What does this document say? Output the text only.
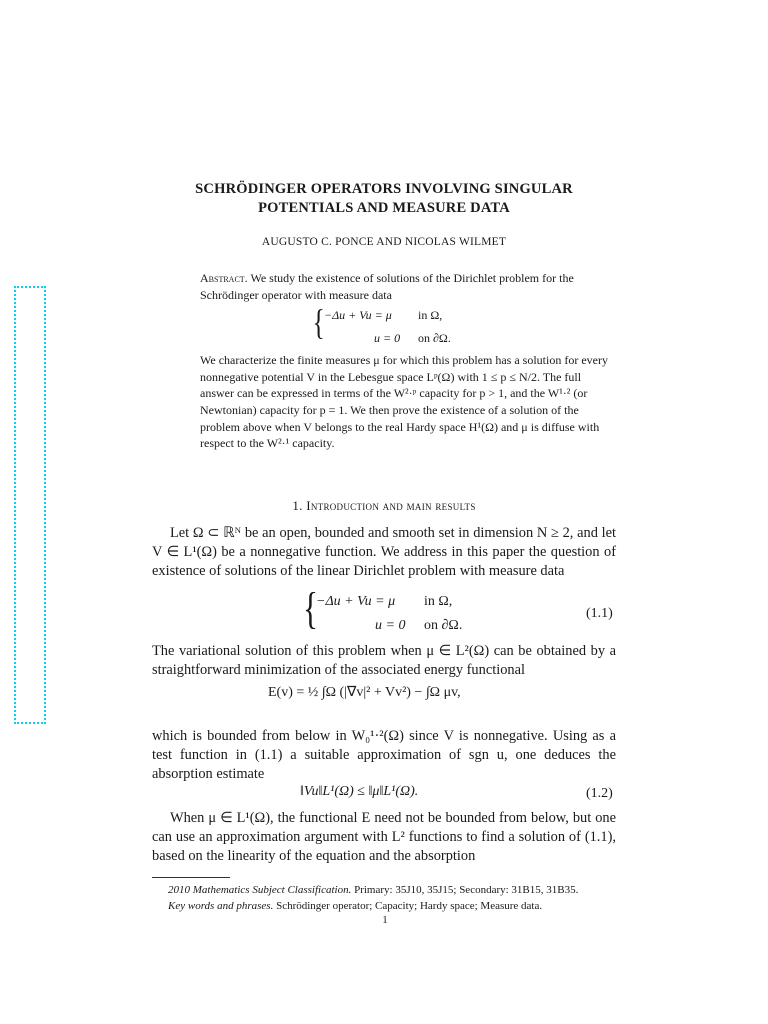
SCHRÖDINGER OPERATORS INVOLVING SINGULAR
POTENTIALS AND MEASURE DATA
AUGUSTO C. PONCE AND NICOLAS WILMET
Abstract. We study the existence of solutions of the Dirichlet problem for the Schrödinger operator with measure data
{ −Δu + Vu = μ in Ω,
u = 0 on ∂Ω.
We characterize the finite measures μ for which this problem has a solution for every nonnegative potential V in the Lebesgue space Lᵖ(Ω) with 1 ≤ p ≤ N/2. The full answer can be expressed in terms of the W²·ᵖ capacity for p > 1, and the W¹·² (or Newtonian) capacity for p = 1. We then prove the existence of a solution of the problem above when V belongs to the real Hardy space H¹(Ω) and μ is diffuse with respect to the W²·¹ capacity.
1. Introduction and main results
Let Ω ⊂ ℝᴺ be an open, bounded and smooth set in dimension N ≥ 2, and let V ∈ L¹(Ω) be a nonnegative function. We address in this paper the question of existence of solutions of the linear Dirichlet problem with measure data
{
−Δu + Vu = μ in Ω,
u = 0 on ∂Ω.
(1.1)
The variational solution of this problem when μ ∈ L²(Ω) can be obtained by a straightforward minimization of the associated energy functional
E(v) = ½ ∫Ω (|∇v|² + Vv²) − ∫Ω μv,
which is bounded from below in W₀¹·²(Ω) since V is nonnegative. Using as a test function in (1.1) a suitable approximation of sgn u, one deduces the absorption estimate
‖Vu‖L¹(Ω) ≤ ‖μ‖L¹(Ω).	(1.2)
When μ ∈ L¹(Ω), the functional E need not be bounded from below, but one can use an approximation argument with L² functions to find a solution of (1.1), based on the linearity of the equation and the absorption
2010 Mathematics Subject Classification. Primary: 35J10, 35J15; Secondary: 31B15, 31B35.
Key words and phrases. Schrödinger operator; Capacity; Hardy space; Measure data.
1
